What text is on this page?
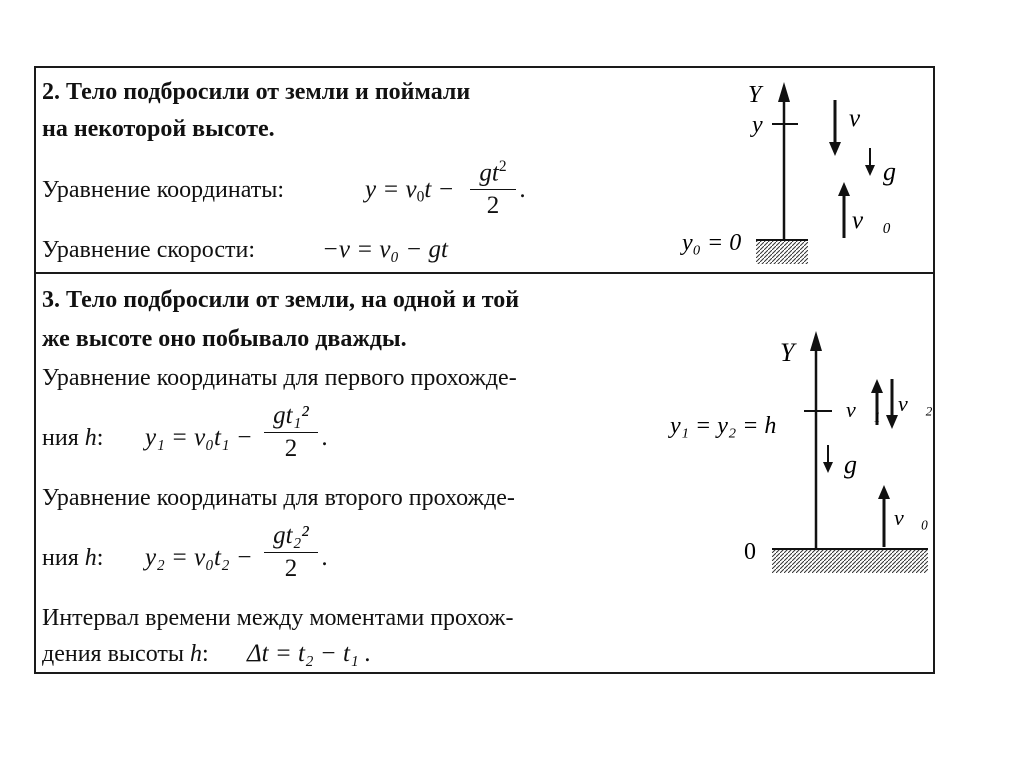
2. Тело подбросили от земли и поймали
на некоторой высоте.
Уравнение координаты:	$y = v_0t$ −
$gt^2$
2
.
Уравнение скорости:	−v = v₀ − gt
Y
y	v⃗
g⃗
v⃗₀
y₀ = 0
3. Тело подбросили от земли, на одной и той
же высоте оно побывало дважды.
Уравнение координаты для первого прохожде-
ния h: y₁ = v₀t₁ −
gt₁²
2 .
Уравнение координаты для второго прохожде-
ния h: y₂ = v₀t₂ −
gt₂²
2 .
Интервал времени между моментами прохож-
дения высоты h: Δt = t₂ − t₁ .
Y
y₁ = y₂ = h
v⃗₁ v⃗₂
g⃗
v⃗₀
0
